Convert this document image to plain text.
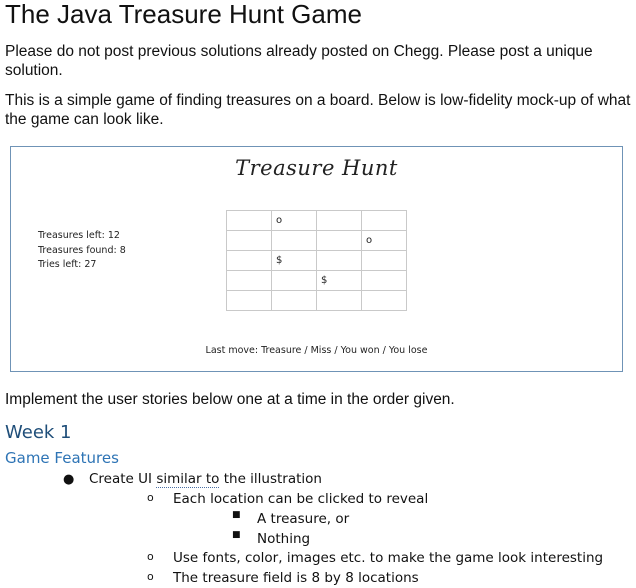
The Java Treasure Hunt Game
Please do not post previous solutions already posted on Chegg. Please post a unique solution.
This is a simple game of finding treasures on a board. Below is low-fidelity mock-up of what the game can look like.
Treasure Hunt
Treasures left: 12
Treasures found: 8
Tries left: 27
	o		
			o
	$		
		$	

Last move: Treasure / Miss / You won / You lose
Implement the user stories below one at a time in the order given.
Week 1
Game Features
● Create UI similar to the illustration
o Each location can be clicked to reveal
■ A treasure, or
■ Nothing
o Use fonts, color, images etc. to make the game look interesting
o The treasure field is 8 by 8 locations
